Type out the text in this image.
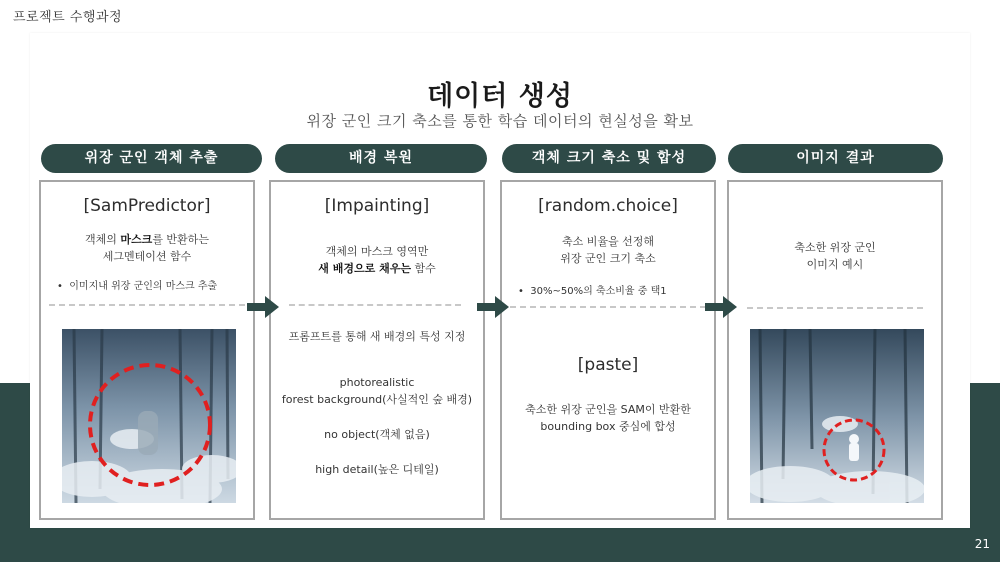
프로젝트 수행과정
21
데이터 생성
위장 군인 크기 축소를 통한 학습 데이터의 현실성을 확보
위장 군인 객체 추출	배경 복원	객체 크기 축소 및 합성	이미지 결과
[SamPredictor]
객체의 마스크를 반환하는
세그멘테이션 함수
•  이미지내 위장 군인의 마스크 추출
[Impainting]
객체의 마스크 영역만
새 배경으로 채우는 함수
프롬프트를 통해 새 배경의 특성 지정
photorealistic
forest background(사실적인 숲 배경)
no object(객체 없음)
high detail(높은 디테일)
[random.choice]
축소 비율을 선정해
위장 군인 크기 축소
•  30%~50%의 축소비율 중 택1
[paste]
축소한 위장 군인을 SAM이 반환한
bounding box 중심에 합성
축소한 위장 군인
이미지 예시
